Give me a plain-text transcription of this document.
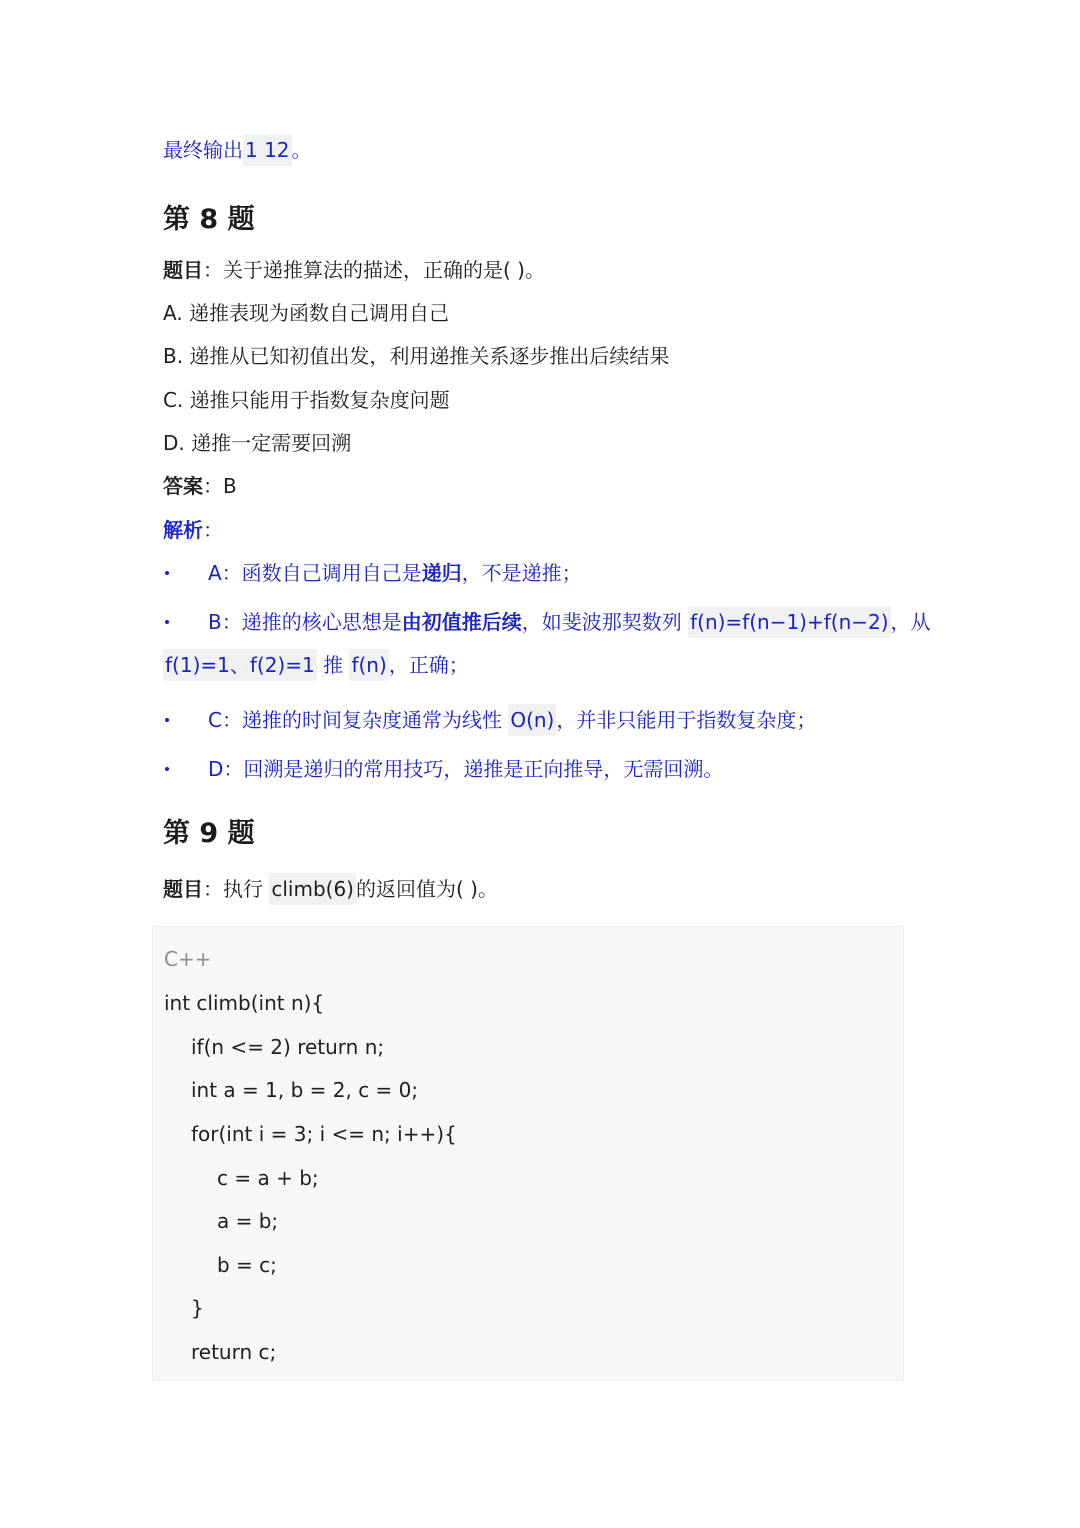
最终输出 1 12 。
第 8 题
题目：关于递推算法的描述，正确的是( )。
A. 递推表现为函数自己调用自己
B. 递推从已知初值出发，利用递推关系逐步推出后续结果
C. 递推只能用于指数复杂度问题
D. 递推一定需要回溯
答案：B
解析：
A：函数自己调用自己是递归，不是递推；
B：递推的核心思想是由初值推后续，如斐波那契数列 f(n)=f(n−1)+f(n−2) ，从
f(1)=1、f(2)=1 推 f(n) ，正确；
C：递推的时间复杂度通常为线性 O(n) ，并非只能用于指数复杂度；
D：回溯是递归的常用技巧，递推是正向推导，无需回溯。
第 9 题
题目：执行 climb(6) 的返回值为( )。
C++
int climb(int n){
if(n <= 2) return n;
int a = 1, b = 2, c = 0;
for(int i = 3; i <= n; i++){
c = a + b;
a = b;
b = c;
}
return c;
